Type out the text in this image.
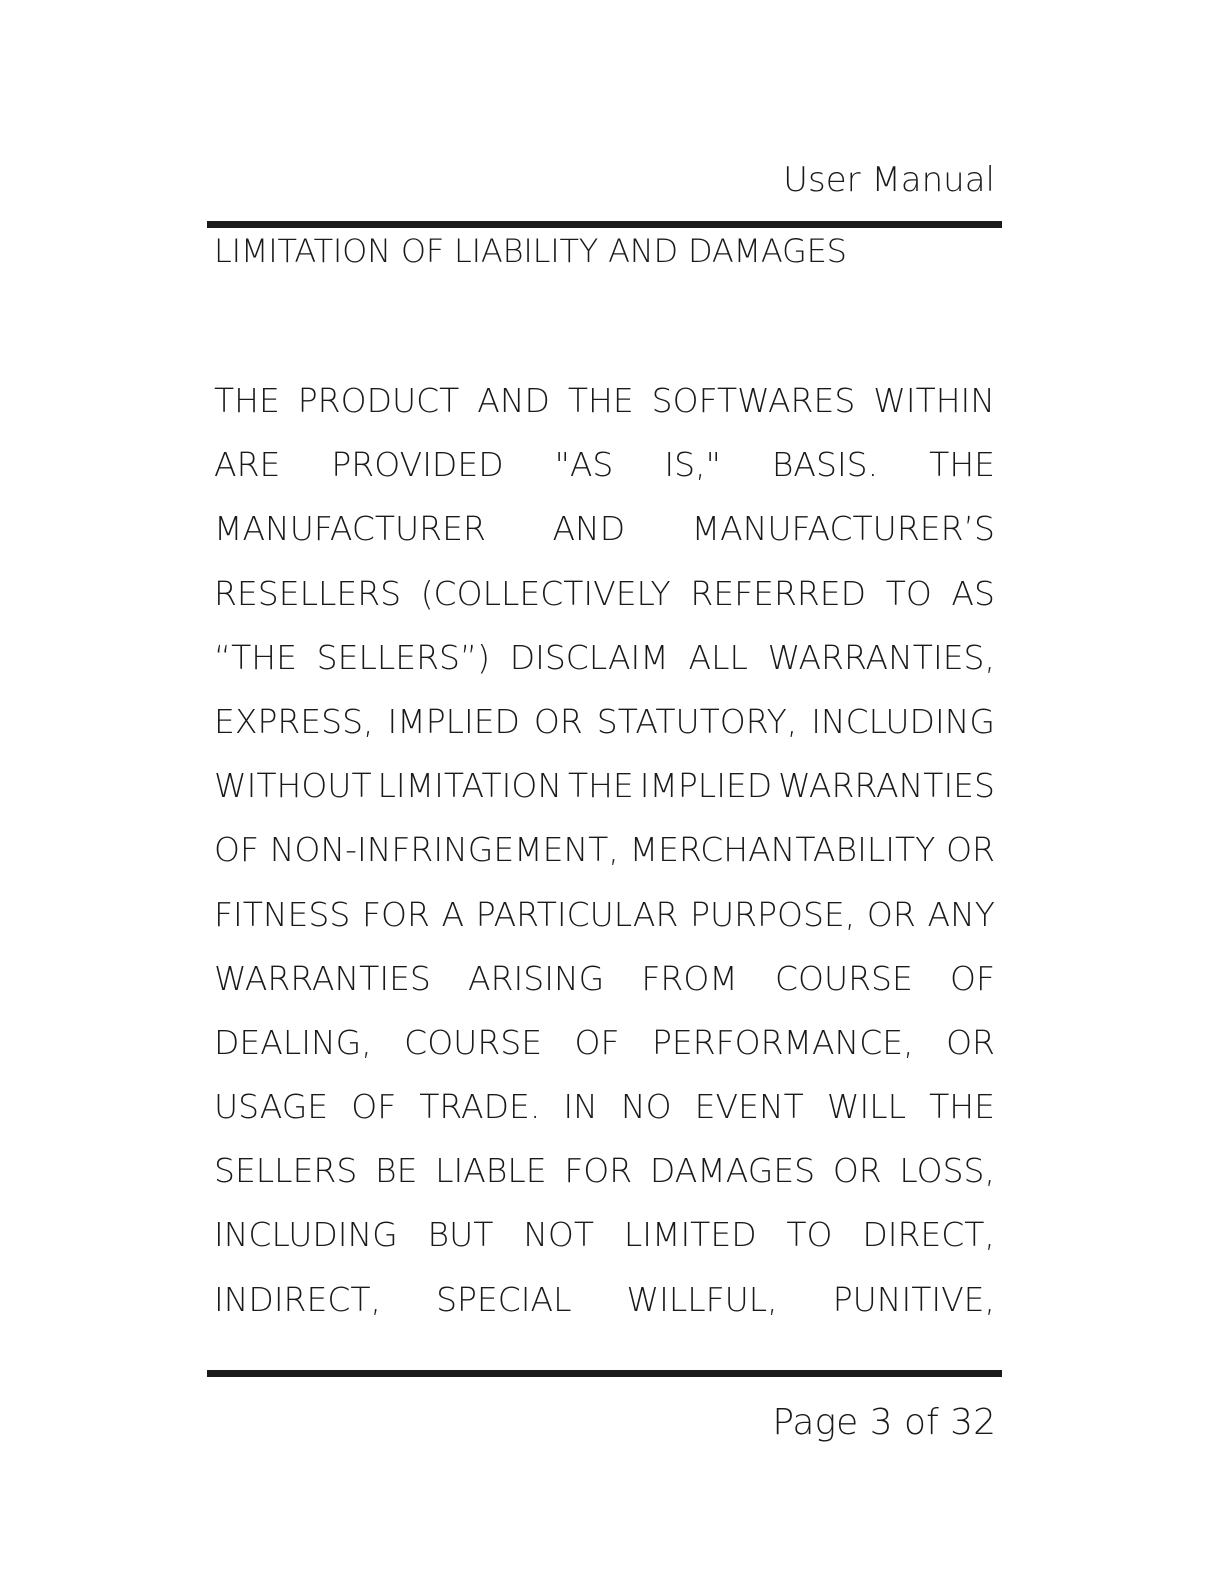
User Manual
LIMITATION OF LIABILITY AND DAMAGES
THE PRODUCT AND THE SOFTWARES WITHIN
ARE PROVIDED "AS IS," BASIS. THE
MANUFACTURER AND MANUFACTURER’S
RESELLERS (COLLECTIVELY REFERRED TO AS
“THE SELLERS”) DISCLAIM ALL WARRANTIES,
EXPRESS, IMPLIED OR STATUTORY, INCLUDING
WITHOUT LIMITATION THE IMPLIED WARRANTIES
OF NON-INFRINGEMENT, MERCHANTABILITY OR
FITNESS FOR A PARTICULAR PURPOSE, OR ANY
WARRANTIES ARISING FROM COURSE OF
DEALING, COURSE OF PERFORMANCE, OR
USAGE OF TRADE. IN NO EVENT WILL THE
SELLERS BE LIABLE FOR DAMAGES OR LOSS,
INCLUDING BUT NOT LIMITED TO DIRECT,
INDIRECT, SPECIAL WILLFUL, PUNITIVE,
Page 3 of 32
